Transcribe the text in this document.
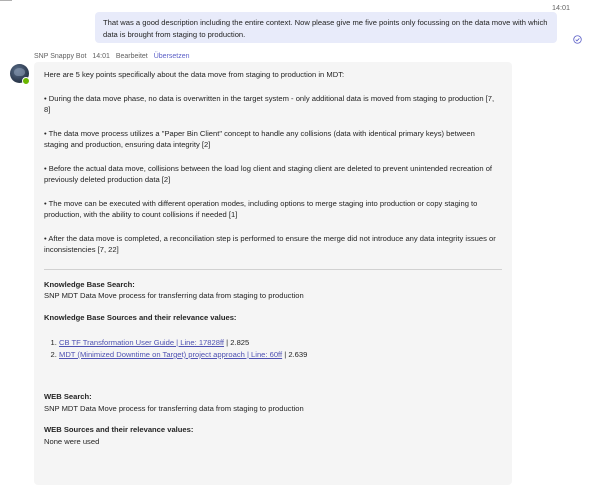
14:01
That was a good description including the entire context. Now please give me five points only focussing on the data move with which data is brought from staging to production.
SNP Snappy Bot 14:01 Bearbeitet Übersetzen

Here are 5 key points specifically about the data move from staging to production in MDT:

• During the data move phase, no data is overwritten in the target system - only additional data is moved from staging to production [7, 8]

• The data move process utilizes a "Paper Bin Client" concept to handle any collisions (data with identical primary keys) between staging and production, ensuring data integrity [2]

• Before the actual data move, collisions between the load log client and staging client are deleted to prevent unintended recreation of previously deleted production data [2]

• The move can be executed with different operation modes, including options to merge staging into production or copy staging to production, with the ability to count collisions if needed [1]

• After the data move is completed, a reconciliation step is performed to ensure the merge did not introduce any data integrity issues or inconsistencies [7, 22]

Knowledge Base Search:

SNP MDT Data Move process for transferring data from staging to production

Knowledge Base Sources and their relevance values:

1. CB TF Transformation User Guide | Line: 17828ff | 2.825
2. MDT (Minimized Downtime on Target) project approach | Line: 60ff | 2.639

WEB Search:

SNP MDT Data Move process for transferring data from staging to production

WEB Sources and their relevance values:

None were used
